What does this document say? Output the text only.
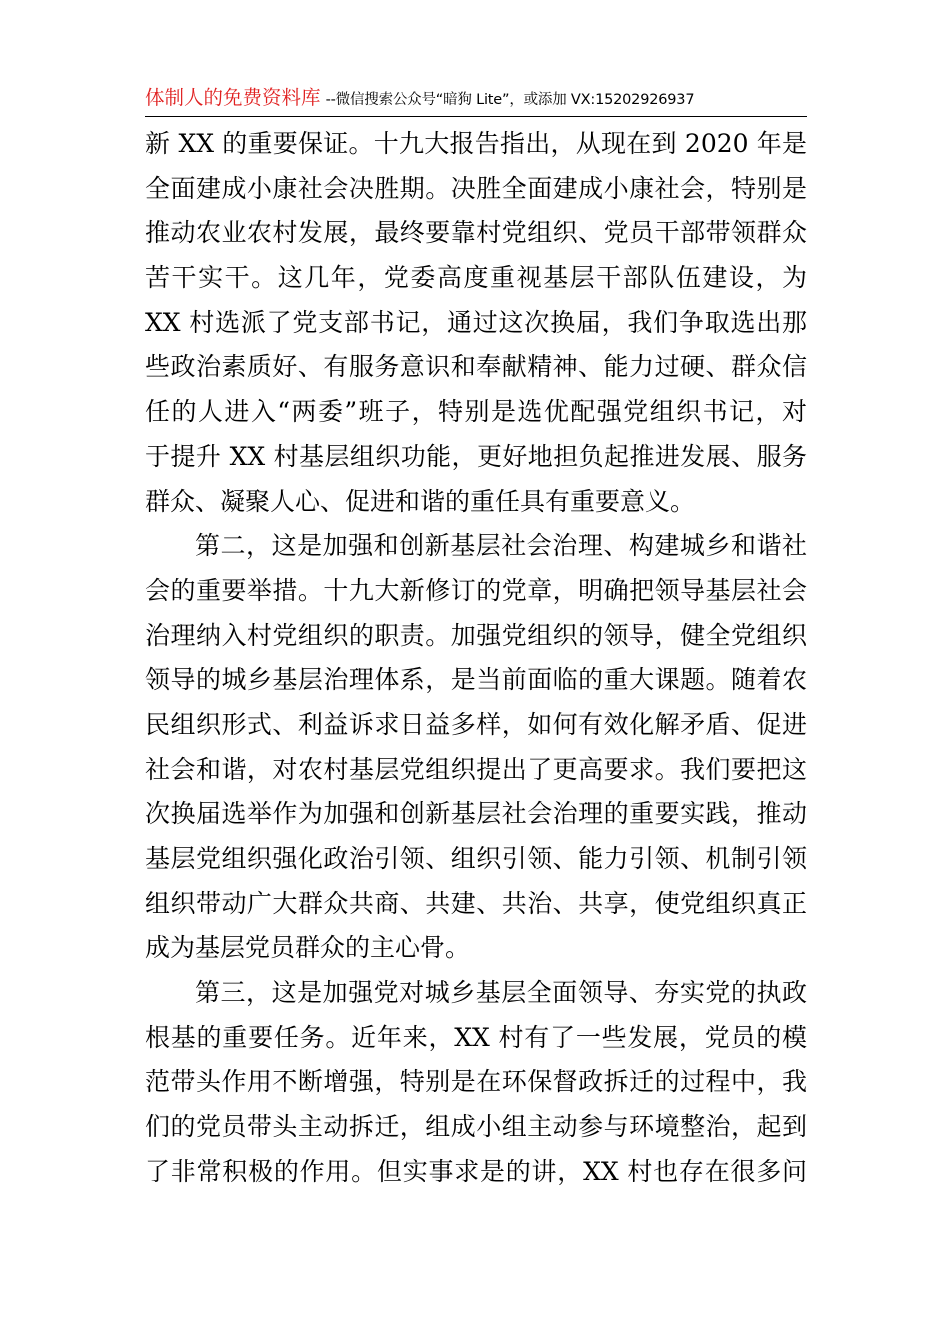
体制人的免费资料库 --微信搜索公众号“暗狗 Lite”，或添加 VX:15202926937
新 XX 的重要保证。十九大报告指出，从现在到 2020 年是
全面建成小康社会决胜期。决胜全面建成小康社会，特别是
推动农业农村发展，最终要靠村党组织、党员干部带领群众
苦干实干。这几年，党委高度重视基层干部队伍建设，为
XX 村选派了党支部书记，通过这次换届，我们争取选出那
些政治素质好、有服务意识和奉献精神、能力过硬、群众信
任的人进入“两委”班子，特别是选优配强党组织书记，对
于提升 XX 村基层组织功能，更好地担负起推进发展、服务
群众、凝聚人心、促进和谐的重任具有重要意义。
第二，这是加强和创新基层社会治理、构建城乡和谐社
会的重要举措。十九大新修订的党章，明确把领导基层社会
治理纳入村党组织的职责。加强党组织的领导，健全党组织
领导的城乡基层治理体系，是当前面临的重大课题。随着农
民组织形式、利益诉求日益多样，如何有效化解矛盾、促进
社会和谐，对农村基层党组织提出了更高要求。我们要把这
次换届选举作为加强和创新基层社会治理的重要实践，推动
基层党组织强化政治引领、组织引领、能力引领、机制引领
组织带动广大群众共商、共建、共治、共享，使党组织真正
成为基层党员群众的主心骨。
第三，这是加强党对城乡基层全面领导、夯实党的执政
根基的重要任务。近年来，XX 村有了一些发展，党员的模
范带头作用不断增强，特别是在环保督政拆迁的过程中，我
们的党员带头主动拆迁，组成小组主动参与环境整治，起到
了非常积极的作用。但实事求是的讲，XX 村也存在很多问
